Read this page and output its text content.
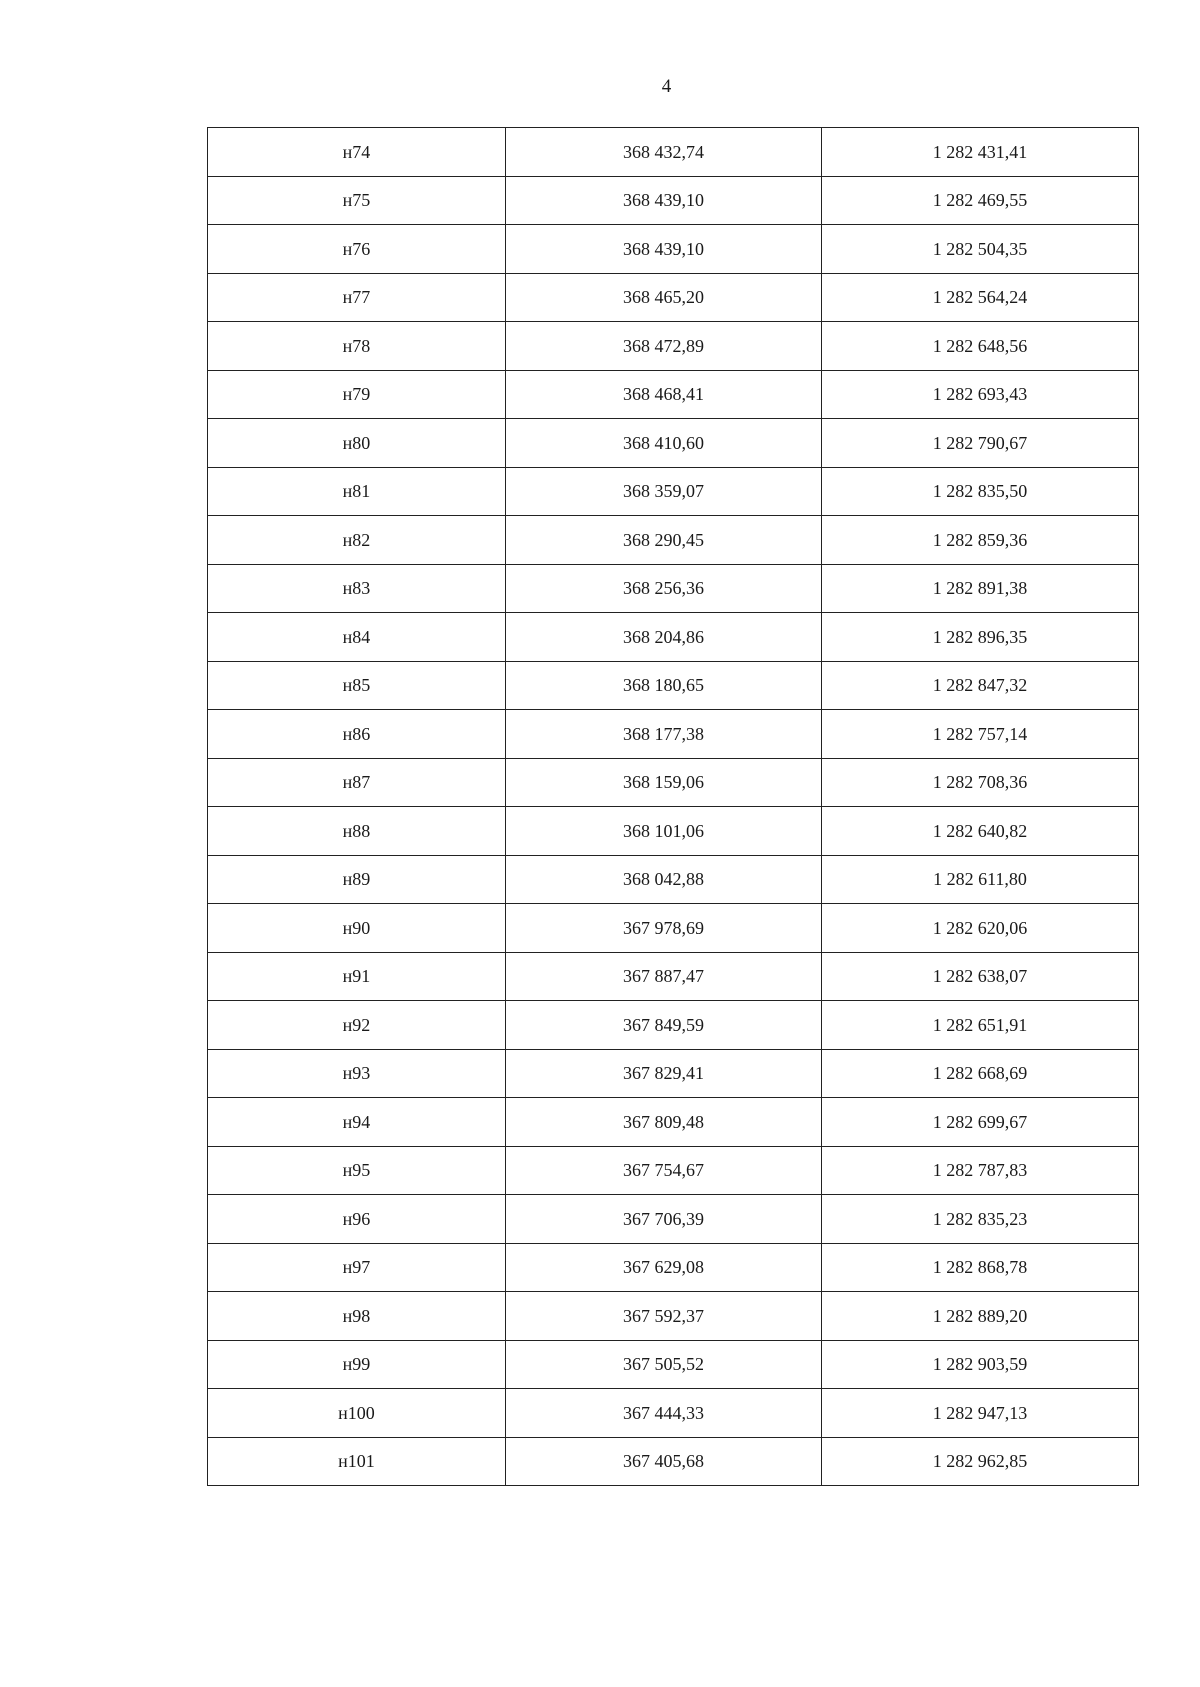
4
н74	368 432,74	1 282 431,41
н75	368 439,10	1 282 469,55
н76	368 439,10	1 282 504,35
н77	368 465,20	1 282 564,24
н78	368 472,89	1 282 648,56
н79	368 468,41	1 282 693,43
н80	368 410,60	1 282 790,67
н81	368 359,07	1 282 835,50
н82	368 290,45	1 282 859,36
н83	368 256,36	1 282 891,38
н84	368 204,86	1 282 896,35
н85	368 180,65	1 282 847,32
н86	368 177,38	1 282 757,14
н87	368 159,06	1 282 708,36
н88	368 101,06	1 282 640,82
н89	368 042,88	1 282 611,80
н90	367 978,69	1 282 620,06
н91	367 887,47	1 282 638,07
н92	367 849,59	1 282 651,91
н93	367 829,41	1 282 668,69
н94	367 809,48	1 282 699,67
н95	367 754,67	1 282 787,83
н96	367 706,39	1 282 835,23
н97	367 629,08	1 282 868,78
н98	367 592,37	1 282 889,20
н99	367 505,52	1 282 903,59
н100	367 444,33	1 282 947,13
н101	367 405,68	1 282 962,85
